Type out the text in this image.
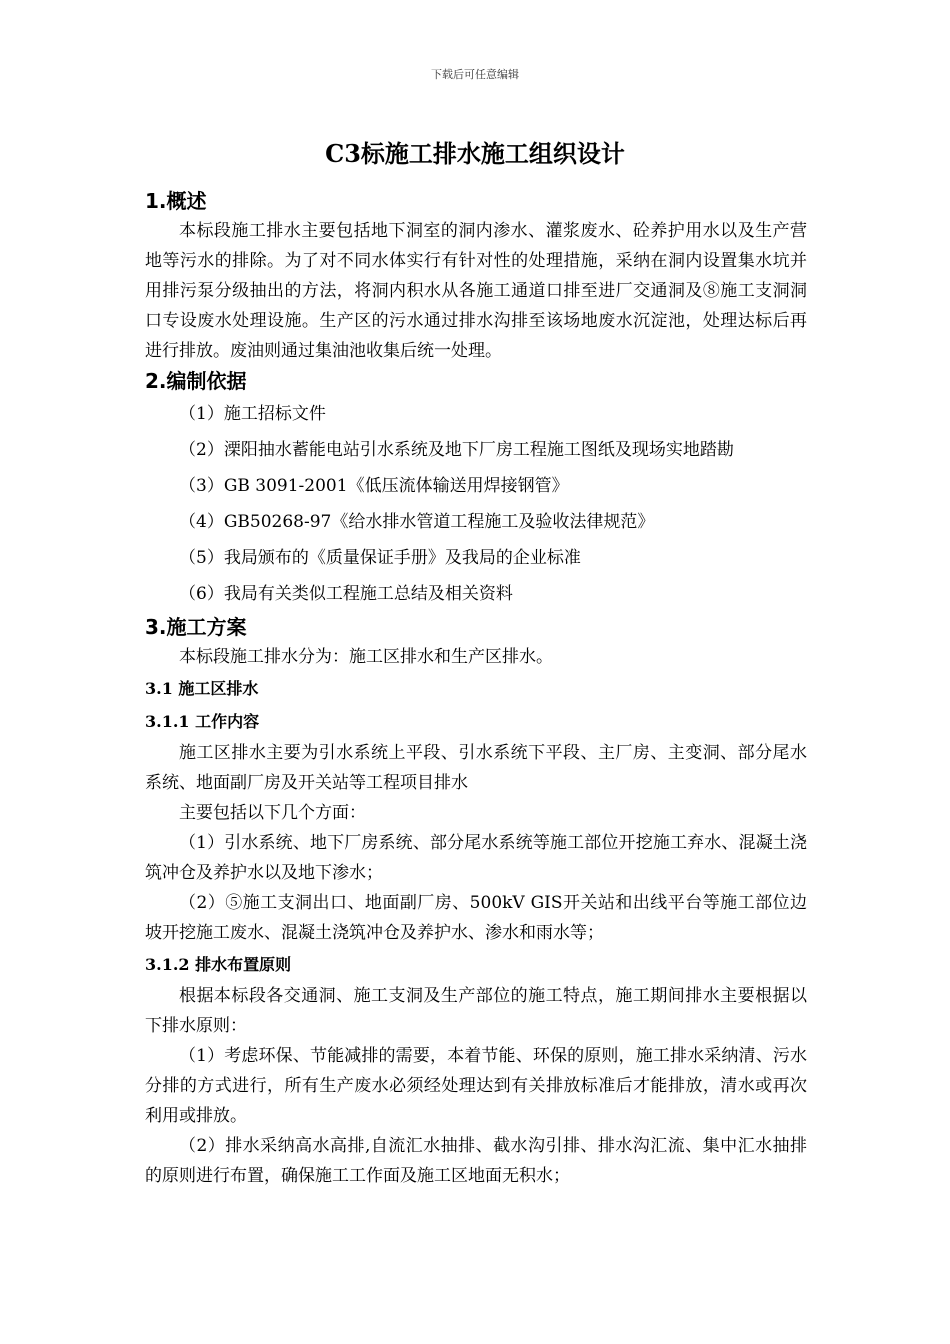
下载后可任意编辑
C3标施工排水施工组织设计
1.概述

本标段施工排水主要包括地下洞室的洞内渗水、灌浆废水、砼养护用水以及生产营地等污水的排除。为了对不同水体实行有针对性的处理措施，采纳在洞内设置集水坑并用排污泵分级抽出的方法，将洞内积水从各施工通道口排至进厂交通洞及⑧施工支洞洞口专设废水处理设施。生产区的污水通过排水沟排至该场地废水沉淀池，处理达标后再进行排放。废油则通过集油池收集后统一处理。

2.编制依据
（1）施工招标文件
（2）溧阳抽水蓄能电站引水系统及地下厂房工程施工图纸及现场实地踏勘
（3）GB 3091-2001《低压流体输送用焊接钢管》
（4）GB50268-97《给水排水管道工程施工及验收法律规范》
（5）我局颁布的《质量保证手册》及我局的企业标准
（6）我局有关类似工程施工总结及相关资料
3.施工方案

本标段施工排水分为：施工区排水和生产区排水。

3.1 施工区排水
3.1.1 工作内容

施工区排水主要为引水系统上平段、引水系统下平段、主厂房、主变洞、部分尾水系统、地面副厂房及开关站等工程项目排水

主要包括以下几个方面：

（1）引水系统、地下厂房系统、部分尾水系统等施工部位开挖施工弃水、混凝土浇筑冲仓及养护水以及地下渗水；

（2）⑤施工支洞出口、地面副厂房、500kV GIS开关站和出线平台等施工部位边坡开挖施工废水、混凝土浇筑冲仓及养护水、渗水和雨水等；

3.1.2 排水布置原则

根据本标段各交通洞、施工支洞及生产部位的施工特点，施工期间排水主要根据以下排水原则：

（1）考虑环保、节能减排的需要，本着节能、环保的原则，施工排水采纳清、污水分排的方式进行，所有生产废水必须经处理达到有关排放标准后才能排放，清水或再次利用或排放。

（2）排水采纳高水高排,自流汇水抽排、截水沟引排、排水沟汇流、集中汇水抽排的原则进行布置，确保施工工作面及施工区地面无积水；
